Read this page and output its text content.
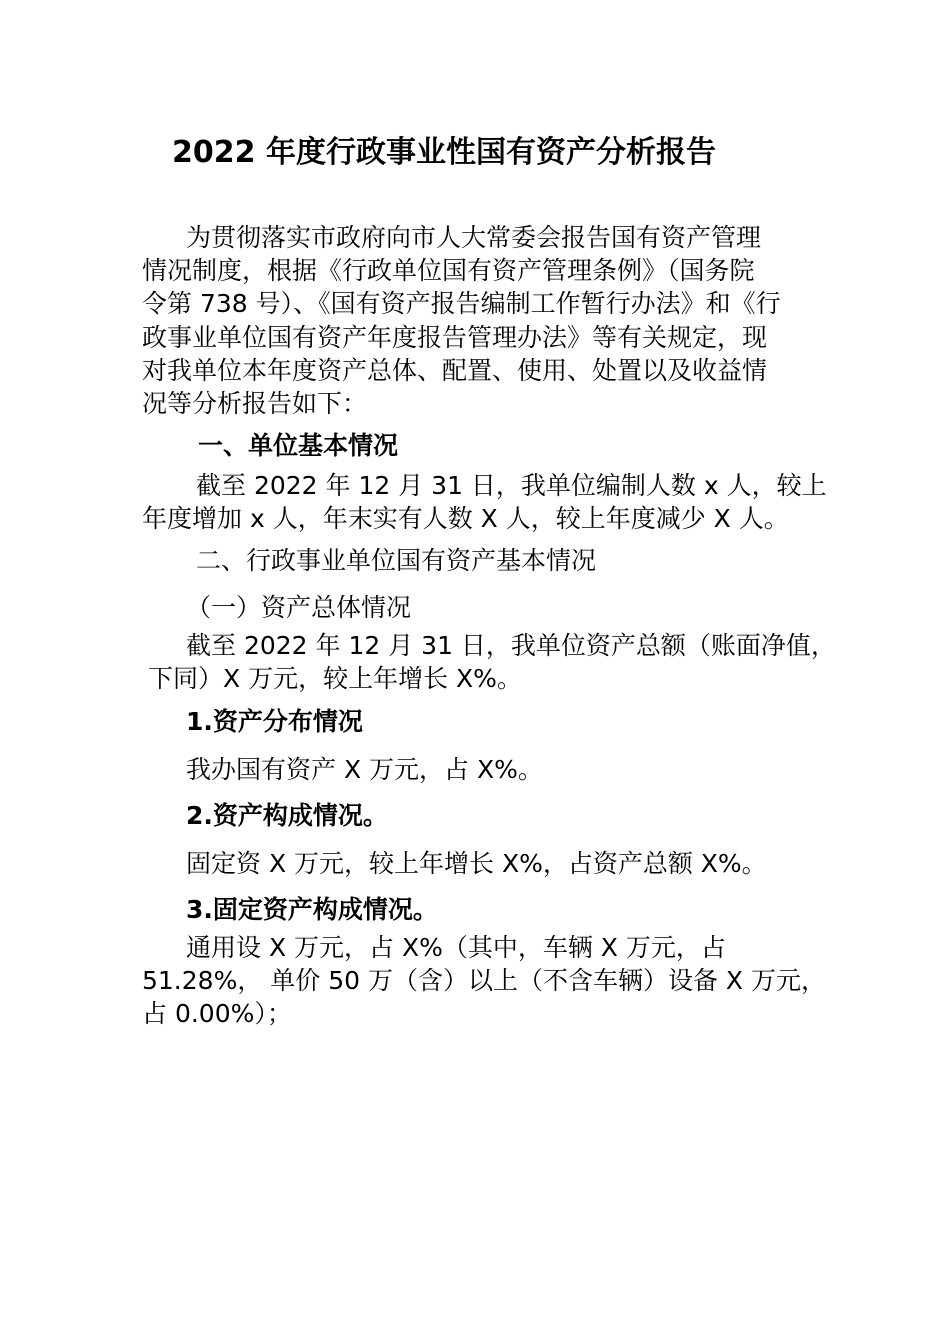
2022 年度行政事业性国有资产分析报告
为贯彻落实市政府向市人大常委会报告国有资产管理
情况制度，根据《行政单位国有资产管理条例》（国务院
令第 738 号）、《国有资产报告编制工作暂行办法》和《行
政事业单位国有资产年度报告管理办法》等有关规定，现
对我单位本年度资产总体、配置、使用、处置以及收益情
况等分析报告如下：
一、单位基本情况
截至 2022 年 12 月 31 日，我单位编制人数 x 人，较上
年度增加 x 人，年末实有人数 X 人，较上年度减少 X 人。
二、行政事业单位国有资产基本情况
（一）资产总体情况
截至 2022 年 12 月 31 日，我单位资产总额（账面净值，
下同）X 万元，较上年增长 X%。
1.资产分布情况
我办国有资产 X 万元，占 X%。
2.资产构成情况。
固定资 X 万元，较上年增长 X%，占资产总额 X%。
3.固定资产构成情况。
通用设 X 万元，占 X%（其中，车辆 X 万元，占
51.28%， 单价 50 万（含）以上（不含车辆）设备 X 万元，
占 0.00%）；
